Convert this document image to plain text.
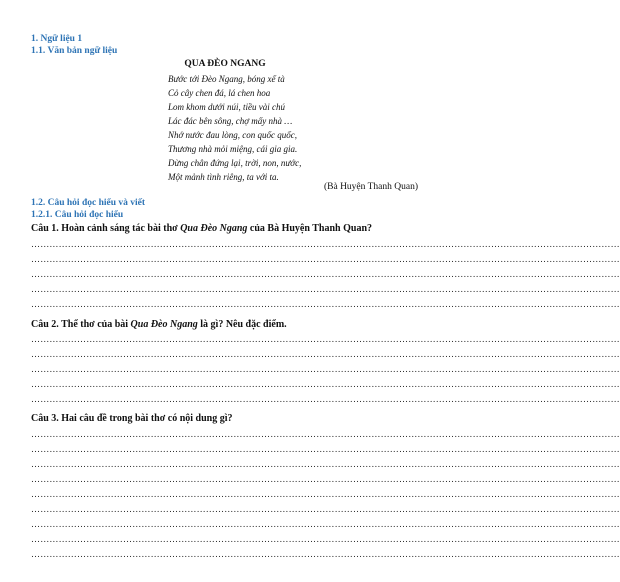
1. Ngữ liệu 1
1.1. Văn bản ngữ liệu
QUA ĐÈO NGANG
Bước tới Đèo Ngang, bóng xế tà
Cỏ cây chen đá, lá chen hoa
Lom khom dưới núi, tiều vài chú
Lác đác bên sông, chợ mấy nhà …
Nhớ nước đau lòng, con quốc quốc,
Thương nhà mỏi miệng, cái gia gia.
Dừng chân đứng lại, trời, non, nước,
Một mảnh tình riêng, ta với ta.
(Bà Huyện Thanh Quan)
1.2. Câu hỏi đọc hiểu và viết
1.2.1. Câu hỏi đọc hiểu
Câu 1. Hoàn cảnh sáng tác bài thơ Qua Đèo Ngang của Bà Huyện Thanh Quan?
…………………………………………………………………………………………………………………………………………………………………………
…………………………………………………………………………………………………………………………………………………………………………
…………………………………………………………………………………………………………………………………………………………………………
…………………………………………………………………………………………………………………………………………………………………………
…………………………………………………………………………………………………………………………………………………………………………
Câu 2. Thể thơ của bài Qua Đèo Ngang là gì? Nêu đặc điểm.
…………………………………………………………………………………………………………………………………………………………………………
…………………………………………………………………………………………………………………………………………………………………………
…………………………………………………………………………………………………………………………………………………………………………
…………………………………………………………………………………………………………………………………………………………………………
…………………………………………………………………………………………………………………………………………………………………………
Câu 3. Hai câu đề trong bài thơ có nội dung gì?
…………………………………………………………………………………………………………………………………………………………………………
…………………………………………………………………………………………………………………………………………………………………………
…………………………………………………………………………………………………………………………………………………………………………
…………………………………………………………………………………………………………………………………………………………………………
…………………………………………………………………………………………………………………………………………………………………………
…………………………………………………………………………………………………………………………………………………………………………
…………………………………………………………………………………………………………………………………………………………………………
…………………………………………………………………………………………………………………………………………………………………………
…………………………………………………………………………………………………………………………………………………………………………
